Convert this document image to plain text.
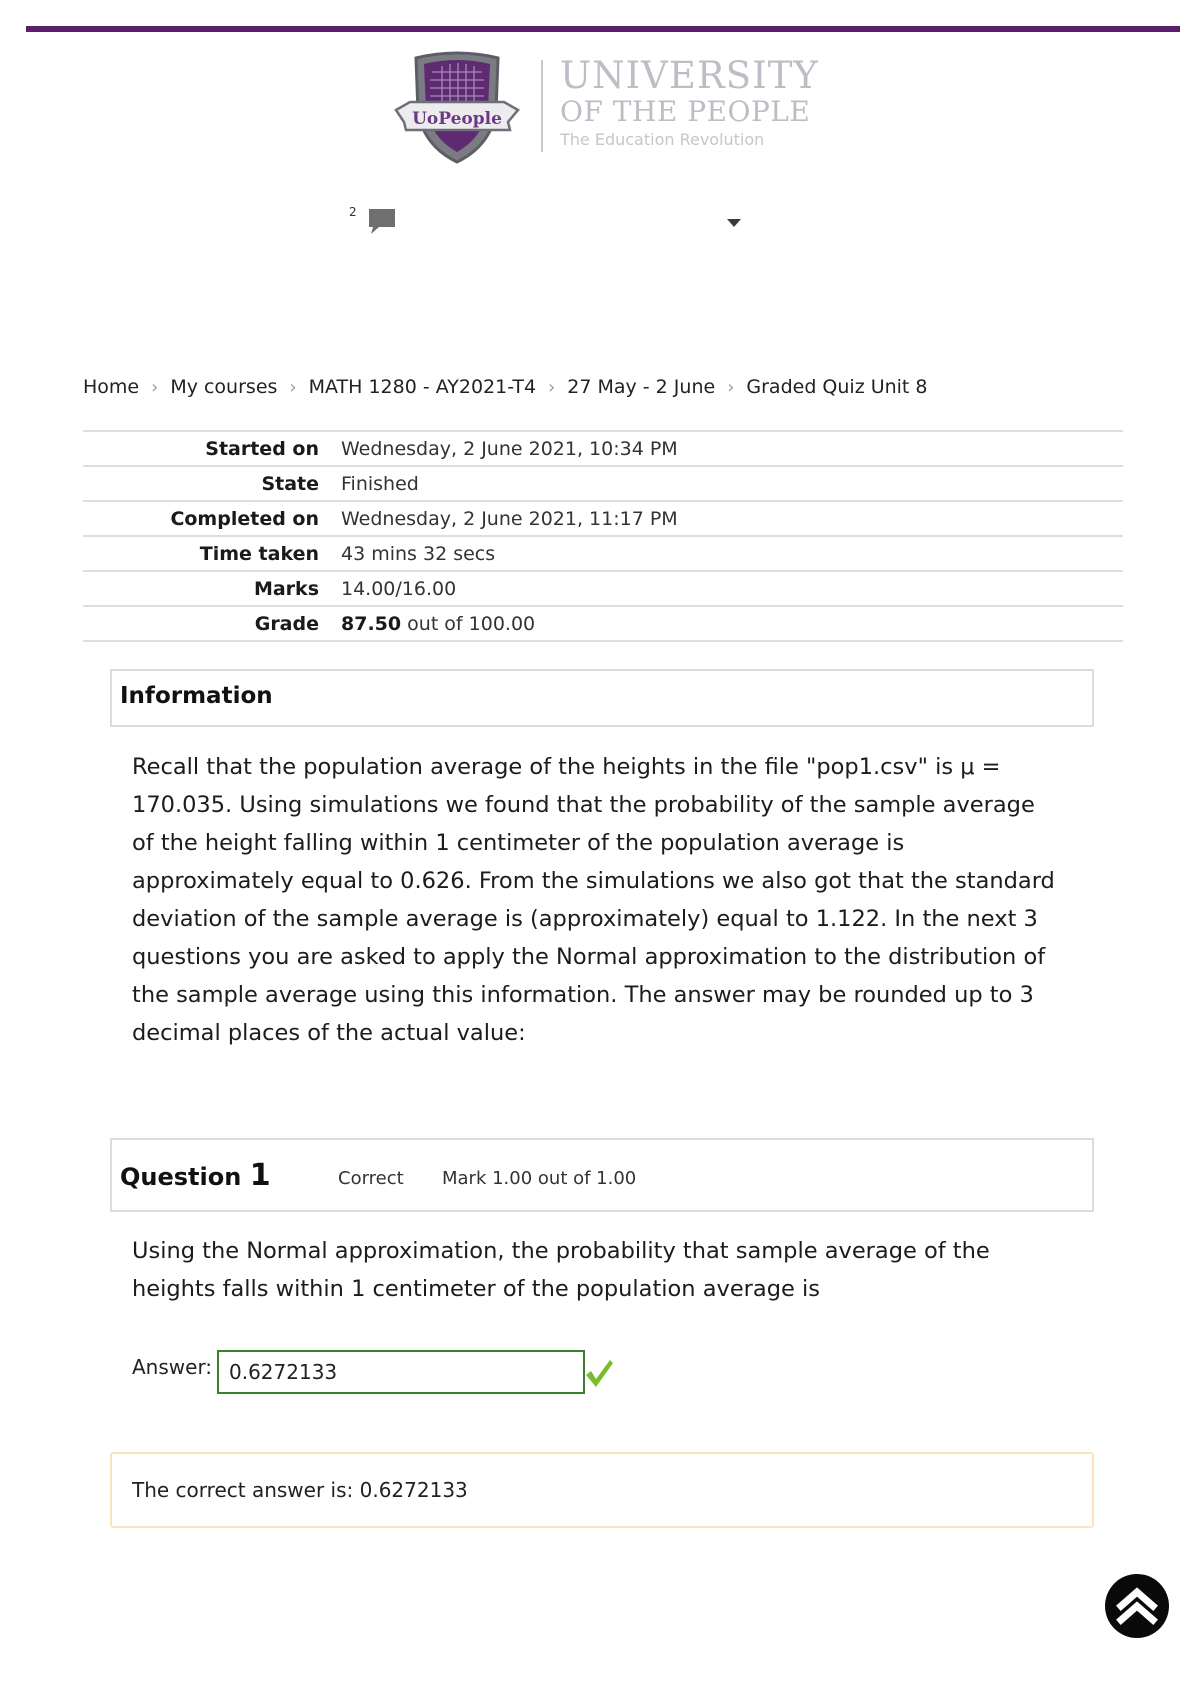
UoPeople
UNIVERSITY
OF THE PEOPLE
The Education Revolution
2
Home › My courses › MATH 1280 - AY2021-T4 › 27 May - 2 June › Graded Quiz Unit 8
Started on	Wednesday, 2 June 2021, 10:34 PM
State	Finished
Completed on	Wednesday, 2 June 2021, 11:17 PM
Time taken	43 mins 32 secs
Marks	14.00/16.00
Grade	87.50 out of 100.00
Information
Recall that the population average of the heights in the file "pop1.csv" is μ = 170.035. Using simulations we found that the probability of the sample average of the height falling within 1 centimeter of the population average is approximately equal to 0.626. From the simulations we also got that the standard deviation of the sample average is (approximately) equal to 1.122. In the next 3 questions you are asked to apply the Normal approximation to the distribution of the sample average using this information. The answer may be rounded up to 3 decimal places of the actual value:
Question 1	Correct Mark 1.00 out of 1.00
Using the Normal approximation, the probability that sample average of the heights falls within 1 centimeter of the population average is
Answer:
0.6272133
The correct answer is: 0.6272133
